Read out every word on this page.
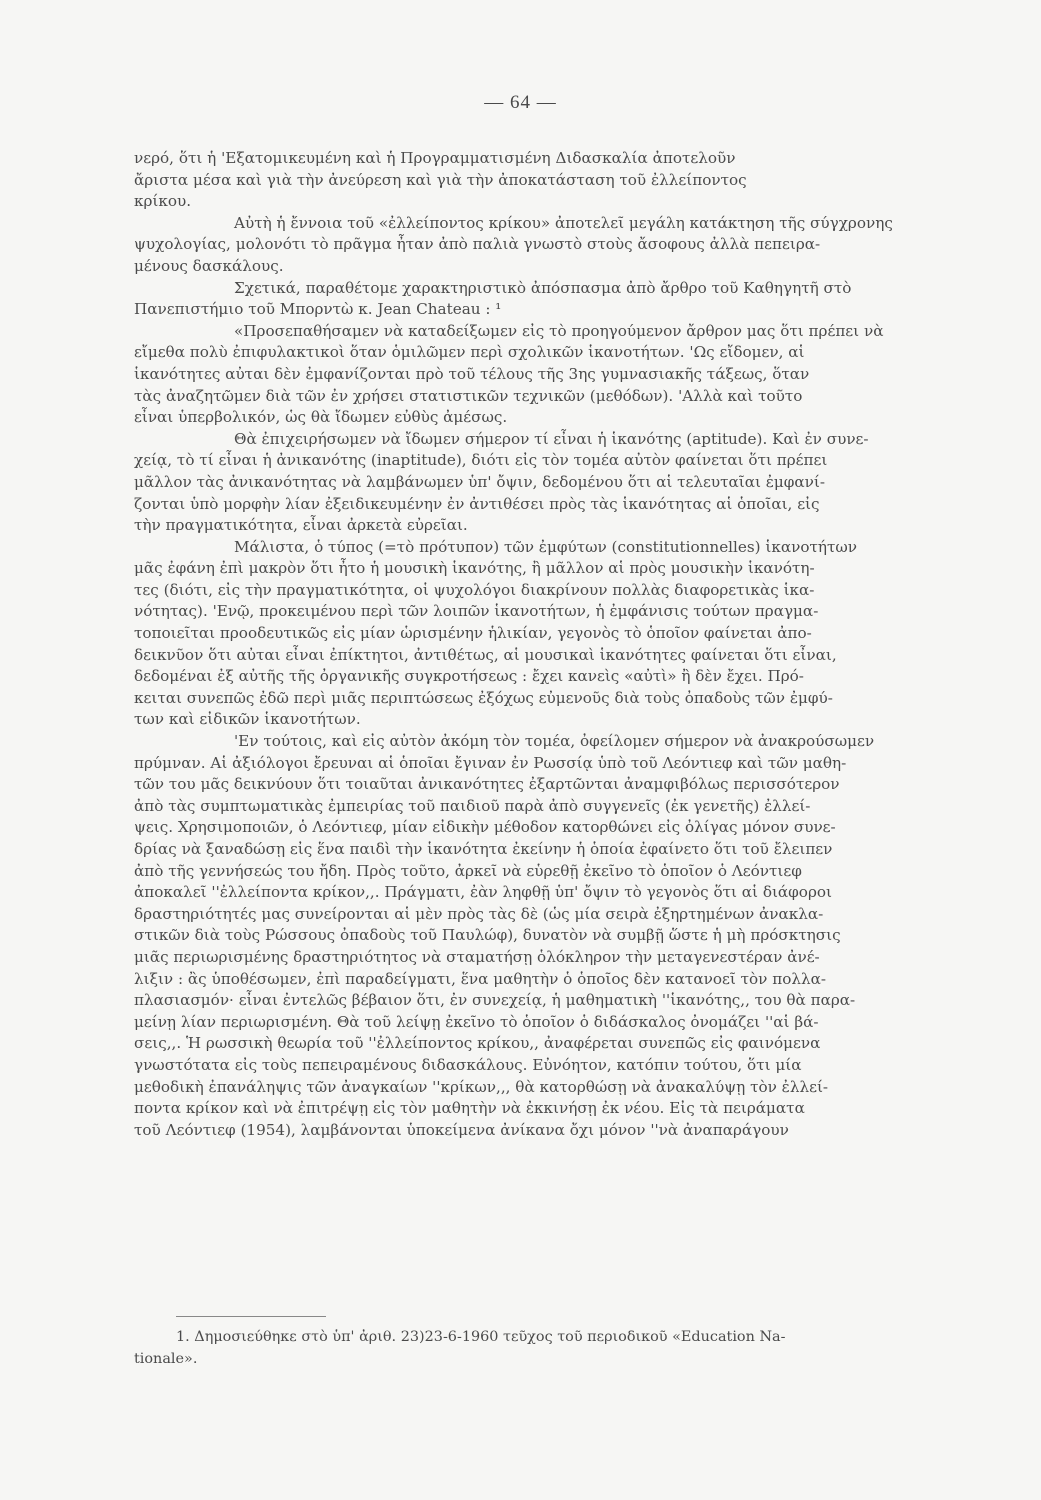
— 64 —
νερό, ὅτι ἡ 'Εξατομικευμένη καὶ ἡ Προγραμματισμένη Διδασκαλία ἀποτελοῦν
ἄριστα μέσα καὶ γιὰ τὴν ἀνεύρεση καὶ γιὰ τὴν ἀποκατάσταση τοῦ ἐλλείποντος
κρίκου.
Αὐτὴ ἡ ἔννοια τοῦ «ἐλλείποντος κρίκου» ἀποτελεῖ μεγάλη κατάκτηση τῆς σύγχρονης
ψυχολογίας, μολονότι τὸ πρᾶγμα ἦταν ἀπὸ παλιὰ γνωστὸ στοὺς ἄσοφους ἀλλὰ πεπειρα-
μένους δασκάλους.
Σχετικά, παραθέτομε χαρακτηριστικὸ ἀπόσπασμα ἀπὸ ἄρθρο τοῦ Καθηγητῆ στὸ
Πανεπιστήμιο τοῦ Μπορντὼ κ. Jean Chateau : ¹
«Προσεπαθήσαμεν νὰ καταδείξωμεν εἰς τὸ προηγούμενον ἄρθρον μας ὅτι πρέπει νὰ
εἴμεθα πολὺ ἐπιφυλακτικοὶ ὅταν ὁμιλῶμεν περὶ σχολικῶν ἱκανοτήτων. 'Ως εἴδομεν, αἱ
ἱκανότητες αὐται δὲν ἐμφανίζονται πρὸ τοῦ τέλους τῆς 3ης γυμνασιακῆς τάξεως, ὅταν
τὰς ἀναζητῶμεν διὰ τῶν ἐν χρήσει στατιστικῶν τεχνικῶν (μεθόδων). 'Αλλὰ καὶ τοῦτο
εἶναι ὑπερβολικόν, ὡς θὰ ἴδωμεν εὐθὺς ἀμέσως.
Θὰ ἐπιχειρήσωμεν νὰ ἴδωμεν σήμερον τί εἶναι ἡ ἱκανότης (aptitude). Καὶ ἐν συνε-
χείᾳ, τὸ τί εἶναι ἡ ἀνικανότης (inaptitude), διότι εἰς τὸν τομέα αὐτὸν φαίνεται ὅτι πρέπει
μᾶλλον τὰς ἀνικανότητας νὰ λαμβάνωμεν ὑπ' ὄψιν, δεδομένου ὅτι αἱ τελευταῖαι ἐμφανί-
ζονται ὑπὸ μορφὴν λίαν ἐξειδικευμένην ἐν ἀντιθέσει πρὸς τὰς ἱκανότητας αἱ ὁποῖαι, εἰς
τὴν πραγματικότητα, εἶναι ἀρκετὰ εὐρεῖαι.
Μάλιστα, ὁ τύπος (=τὸ πρότυπον) τῶν ἐμφύτων (constitutionnelles) ἱκανοτήτων
μᾶς ἐφάνη ἐπὶ μακρὸν ὅτι ἦτο ἡ μουσικὴ ἱκανότης, ἢ μᾶλλον αἱ πρὸς μουσικὴν ἱκανότη-
τες (διότι, εἰς τὴν πραγματικότητα, οἱ ψυχολόγοι διακρίνουν πολλὰς διαφορετικὰς ἱκα-
νότητας). 'Ενῷ, προκειμένου περὶ τῶν λοιπῶν ἱκανοτήτων, ἡ ἐμφάνισις τούτων πραγμα-
τοποιεῖται προοδευτικῶς εἰς μίαν ὡρισμένην ἡλικίαν, γεγονὸς τὸ ὁποῖον φαίνεται ἀπο-
δεικνῦον ὅτι αὐται εἶναι ἐπίκτητοι, ἀντιθέτως, αἱ μουσικαὶ ἱκανότητες φαίνεται ὅτι εἶναι,
δεδομέναι ἐξ αὐτῆς τῆς ὀργανικῆς συγκροτήσεως : ἔχει κανεὶς «αὐτὶ» ἢ δὲν ἔχει. Πρό-
κειται συνεπῶς ἐδῶ περὶ μιᾶς περιπτώσεως ἐξόχως εὐμενοῦς διὰ τοὺς ὀπαδοὺς τῶν ἐμφύ-
των καὶ εἰδικῶν ἱκανοτήτων.
'Εν τούτοις, καὶ εἰς αὐτὸν ἀκόμη τὸν τομέα, ὀφείλομεν σήμερον νὰ ἀνακρούσωμεν
πρύμναν. Αἱ ἀξιόλογοι ἔρευναι αἱ ὁποῖαι ἔγιναν ἐν Ρωσσίᾳ ὑπὸ τοῦ Λεόντιεφ καὶ τῶν μαθη-
τῶν του μᾶς δεικνύουν ὅτι τοιαῦται ἀνικανότητες ἐξαρτῶνται ἀναμφιβόλως περισσότερον
ἀπὸ τὰς συμπτωματικὰς ἐμπειρίας τοῦ παιδιοῦ παρὰ ἀπὸ συγγενεῖς (ἐκ γενετῆς) ἐλλεί-
ψεις. Χρησιμοποιῶν, ὁ Λεόντιεφ, μίαν εἰδικὴν μέθοδον κατορθώνει εἰς ὀλίγας μόνον συνε-
δρίας νὰ ξαναδώσῃ εἰς ἕνα παιδὶ τὴν ἱκανότητα ἐκείνην ἡ ὁποία ἐφαίνετο ὅτι τοῦ ἔλειπεν
ἀπὸ τῆς γεννήσεώς του ἤδη. Πρὸς τοῦτο, ἀρκεῖ νὰ εὑρεθῇ ἐκεῖνο τὸ ὁποῖον ὁ Λεόντιεφ
ἀποκαλεῖ ''ἐλλείποντα κρίκον,,. Πράγματι, ἐὰν ληφθῇ ὑπ' ὄψιν τὸ γεγονὸς ὅτι αἱ διάφοροι
δραστηριότητές μας συνείρονται αἱ μὲν πρὸς τὰς δὲ (ὡς μία σειρὰ ἐξηρτημένων ἀνακλα-
στικῶν διὰ τοὺς Ρώσσους ὀπαδοὺς τοῦ Παυλώφ), δυνατὸν νὰ συμβῇ ὥστε ἡ μὴ πρόσκτησις
μιᾶς περιωρισμένης δραστηριότητος νὰ σταματήσῃ ὁλόκληρον τὴν μεταγενεστέραν ἀνέ-
λιξιν : ἂς ὑποθέσωμεν, ἐπὶ παραδείγματι, ἕνα μαθητὴν ὁ ὁποῖος δὲν κατανοεῖ τὸν πολλα-
πλασιασμόν· εἶναι ἐντελῶς βέβαιον ὅτι, ἐν συνεχείᾳ, ἡ μαθηματικὴ ''ἱκανότης,, του θὰ παρα-
μείνῃ λίαν περιωρισμένη. Θὰ τοῦ λείψῃ ἐκεῖνο τὸ ὁποῖον ὁ διδάσκαλος ὀνομάζει ''αἱ βά-
σεις,,. Ἡ ρωσσικὴ θεωρία τοῦ ''ἐλλείποντος κρίκου,, ἀναφέρεται συνεπῶς εἰς φαινόμενα
γνωστότατα εἰς τοὺς πεπειραμένους διδασκάλους. Εὐνόητον, κατόπιν τούτου, ὅτι μία
μεθοδικὴ ἐπανάληψις τῶν ἀναγκαίων ''κρίκων,,, θὰ κατορθώσῃ νὰ ἀνακαλύψῃ τὸν ἐλλεί-
ποντα κρίκον καὶ νὰ ἐπιτρέψῃ εἰς τὸν μαθητὴν νὰ ἐκκινήσῃ ἐκ νέου. Εἰς τὰ πειράματα
τοῦ Λεόντιεφ (1954), λαμβάνονται ὑποκείμενα ἀνίκανα ὄχι μόνον ''νὰ ἀναπαράγουν
1. Δημοσιεύθηκε στὸ ὑπ' ἀριθ. 23)23-6-1960 τεῦχος τοῦ περιοδικοῦ «Education Na-
tionale».
